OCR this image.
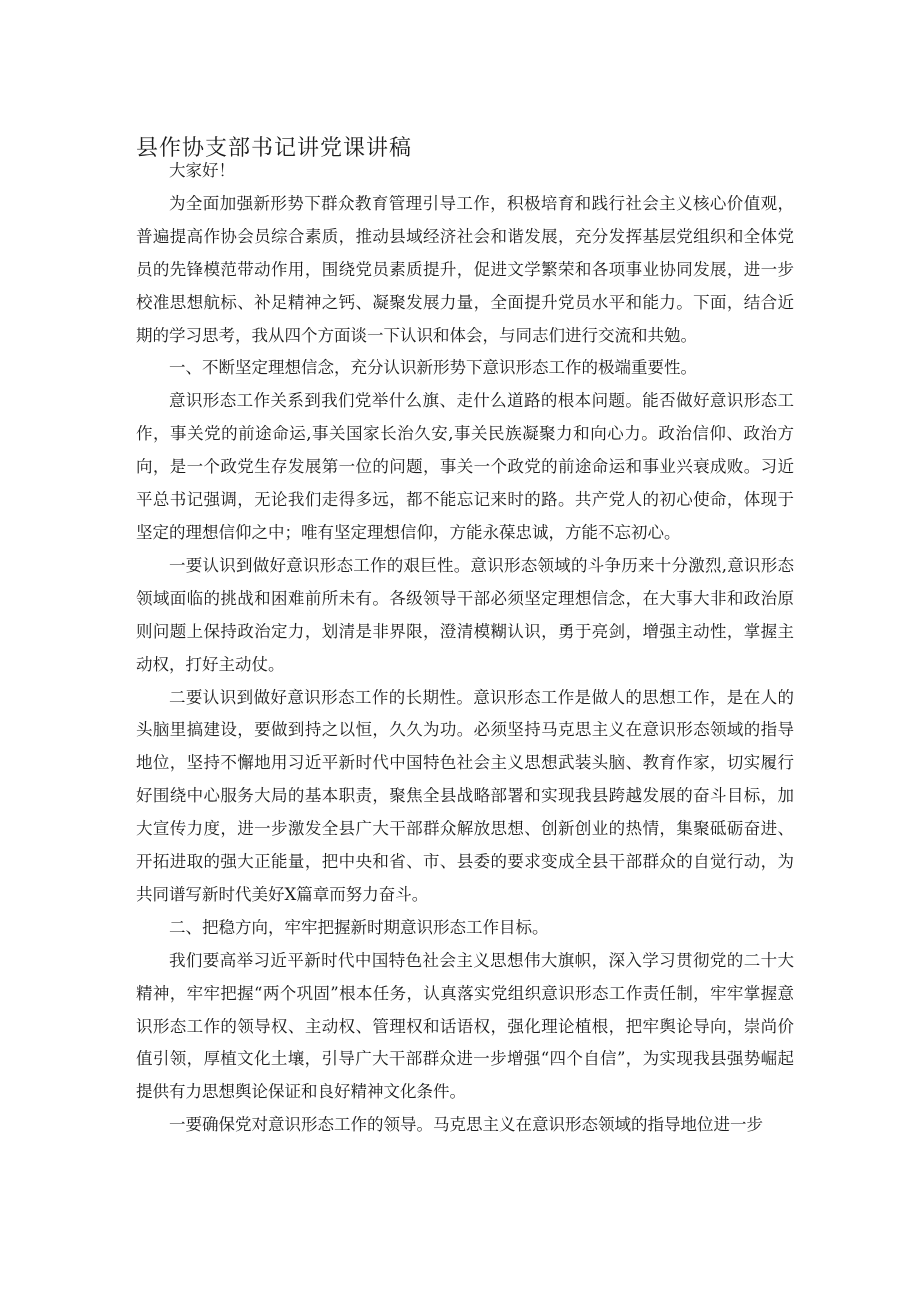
县作协支部书记讲党课讲稿

大家好！

为全面加强新形势下群众教育管理引导工作，积极培育和践行社会主义核心价值观，普遍提高作协会员综合素质，推动县域经济社会和谐发展，充分发挥基层党组织和全体党员的先锋模范带动作用，围绕党员素质提升，促进文学繁荣和各项事业协同发展，进一步校准思想航标、补足精神之钙、凝聚发展力量，全面提升党员水平和能力。下面，结合近期的学习思考，我从四个方面谈一下认识和体会，与同志们进行交流和共勉。

一、不断坚定理想信念，充分认识新形势下意识形态工作的极端重要性。

意识形态工作关系到我们党举什么旗、走什么道路的根本问题。能否做好意识形态工作，事关党的前途命运,事关国家长治久安,事关民族凝聚力和向心力。政治信仰、政治方向，是一个政党生存发展第一位的问题，事关一个政党的前途命运和事业兴衰成败。习近平总书记强调，无论我们走得多远，都不能忘记来时的路。共产党人的初心使命，体现于坚定的理想信仰之中；唯有坚定理想信仰，方能永葆忠诚，方能不忘初心。

一要认识到做好意识形态工作的艰巨性。意识形态领域的斗争历来十分激烈,意识形态领域面临的挑战和困难前所未有。各级领导干部必须坚定理想信念，在大事大非和政治原则问题上保持政治定力，划清是非界限，澄清模糊认识，勇于亮剑，增强主动性，掌握主动权，打好主动仗。

二要认识到做好意识形态工作的长期性。意识形态工作是做人的思想工作，是在人的头脑里搞建设，要做到持之以恒，久久为功。必须坚持马克思主义在意识形态领域的指导地位，坚持不懈地用习近平新时代中国特色社会主义思想武装头脑、教育作家，切实履行好围绕中心服务大局的基本职责，聚焦全县战略部署和实现我县跨越发展的奋斗目标，加大宣传力度，进一步激发全县广大干部群众解放思想、创新创业的热情，集聚砥砺奋进、开拓进取的强大正能量，把中央和省、市、县委的要求变成全县干部群众的自觉行动，为共同谱写新时代美好X篇章而努力奋斗。

二、把稳方向，牢牢把握新时期意识形态工作目标。

我们要高举习近平新时代中国特色社会主义思想伟大旗帜，深入学习贯彻党的二十大精神，牢牢把握“两个巩固”根本任务，认真落实党组织意识形态工作责任制，牢牢掌握意识形态工作的领导权、主动权、管理权和话语权，强化理论植根，把牢舆论导向，崇尚价值引领，厚植文化土壤，引导广大干部群众进一步增强“四个自信”，为实现我县强势崛起提供有力思想舆论保证和良好精神文化条件。

一要确保党对意识形态工作的领导。马克思主义在意识形态领域的指导地位进一步
